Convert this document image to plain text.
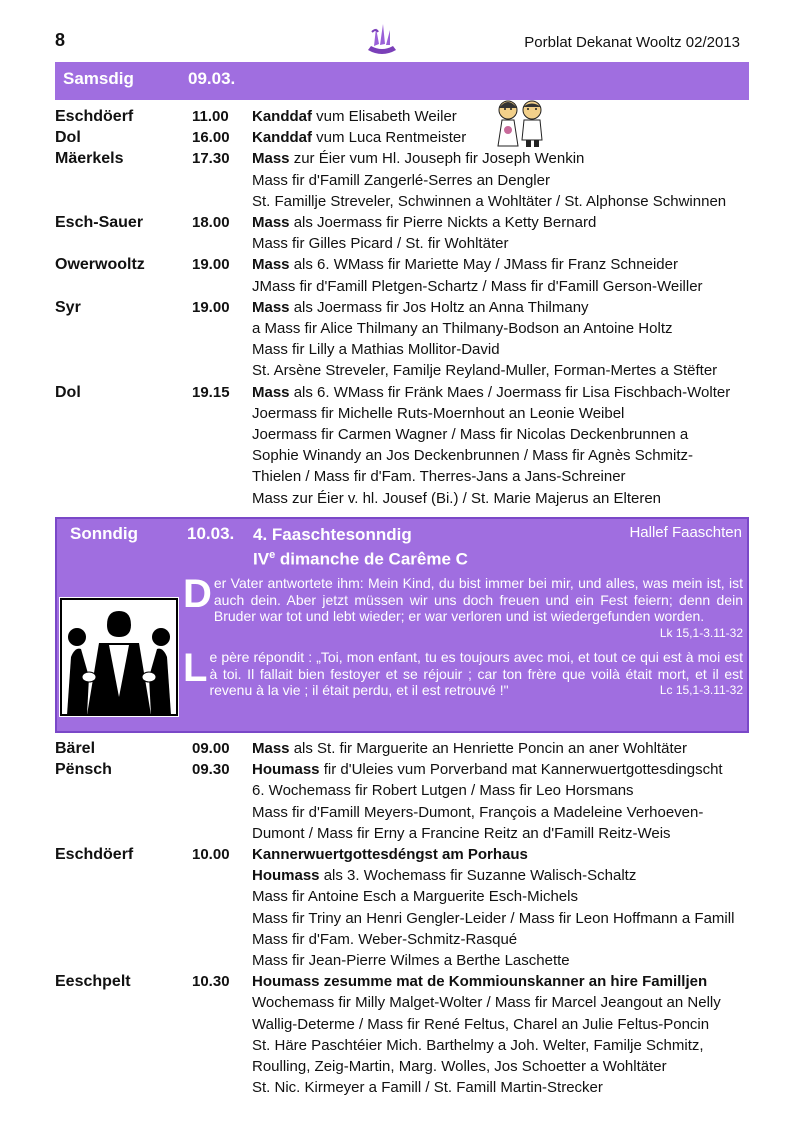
8	Porblat Dekanat Wooltz 02/2013
Samsdig	09.03.
Eschdöerf	11.00	Kanddaf vum Elisabeth Weiler
Dol	16.00	Kanddaf vum Luca Rentmeister
Mäerkels	17.30	Mass zur Éier vum Hl. Jouseph fir Joseph Wenkin
Mass fir d'Famill Zangerlé-Serres an Dengler
St. Famillje Streveler, Schwinnen a Wohltäter / St. Alphonse Schwinnen
Esch-Sauer	18.00	Mass als Joermass fir Pierre Nickts a Ketty Bernard
Mass fir Gilles Picard / St. fir Wohltäter
Owerwooltz	19.00	Mass als 6. WMass fir Mariette May / JMass fir Franz Schneider
JMass fir d'Famill Pletgen-Schartz / Mass fir d'Famill Gerson-Weiller
Syr	19.00	Mass als Joermass fir Jos Holtz an Anna Thilmany
a Mass fir Alice Thilmany an Thilmany-Bodson an Antoine Holtz
Mass fir Lilly a Mathias Mollitor-David
St. Arsène Streveler, Familje Reyland-Muller, Forman-Mertes a Stëfter
Dol	19.15	Mass als 6. WMass fir Fränk Maes / Joermass fir Lisa Fischbach-Wolter
Joermass fir Michelle Ruts-Moernhout an Leonie Weibel
Joermass fir Carmen Wagner / Mass fir Nicolas Deckenbrunnen a
Sophie Winandy an Jos Deckenbrunnen / Mass fir Agnès Schmitz-
Thielen / Mass fir d'Fam. Therres-Jans a Jans-Schreiner
Mass zur Éier v. hl. Jousef (Bi.) / St. Marie Majerus an Elteren
Sonndig	10.03. 4. Faaschtesonndig
IVe dimanche de Carême C
Hallef Faaschten
Der Vater antwortete ihm: Mein Kind, du bist immer bei mir, und alles, was mein ist, ist auch dein. Aber jetzt müssen wir uns doch freuen und ein Fest feiern; denn dein Bruder war tot und lebt wieder; er war verloren und ist wiedergefunden worden.
Lk 15,1-3.11-32
Le père répondit : „Toi, mon enfant, tu es toujours avec moi, et tout ce qui est à moi est à toi. Il fallait bien festoyer et se réjouir ; car ton frère que voilà était mort, et il est revenu à la vie ; il était perdu, et il est retrouvé !"	Lc 15,1-3.11-32
Bärel	09.00	Mass als St. fir Marguerite an Henriette Poncin an aner Wohltäter
Pënsch	09.30	Houmass fir d'Uleies vum Porverband mat Kannerwuertgottesdingscht
6. Wochemass fir Robert Lutgen / Mass fir Leo Horsmans
Mass fir d'Famill Meyers-Dumont, François a Madeleine Verhoeven-
Dumont / Mass fir Erny a Francine Reitz an d'Famill Reitz-Weis
Eschdöerf	10.00	Kannerwuertgottesdéngst am Porhaus
Houmass als 3. Wochemass fir Suzanne Walisch-Schaltz
Mass fir Antoine Esch a Marguerite Esch-Michels
Mass fir Triny an Henri Gengler-Leider / Mass fir Leon Hoffmann a Famill
Mass fir d'Fam. Weber-Schmitz-Rasqué
Mass fir Jean-Pierre Wilmes a Berthe Laschette
Eeschpelt	10.30	Houmass zesumme mat de Kommiounskanner an hire Familljen
Wochemass fir Milly Malget-Wolter / Mass fir Marcel Jeangout an Nelly
Wallig-Determe / Mass fir René Feltus, Charel an Julie Feltus-Poncin
St. Häre Paschtéier Mich. Barthelmy a Joh. Welter, Familje Schmitz,
Roulling, Zeig-Martin, Marg. Wolles, Jos Schoetter a Wohltäter
St. Nic. Kirmeyer a Famill / St. Famill Martin-Strecker
